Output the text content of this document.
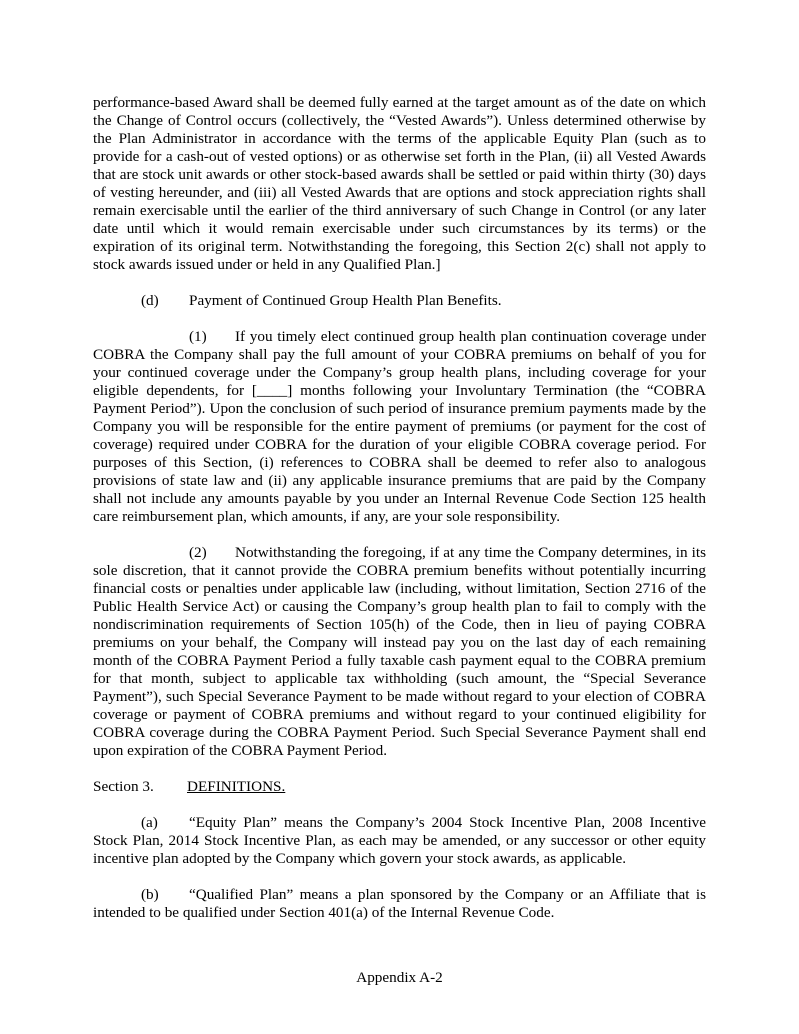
performance-based Award shall be deemed fully earned at the target amount as of the date on which the Change of Control occurs (collectively, the “Vested Awards”). Unless determined otherwise by the Plan Administrator in accordance with the terms of the applicable Equity Plan (such as to provide for a cash-out of vested options) or as otherwise set forth in the Plan, (ii) all Vested Awards that are stock unit awards or other stock-based awards shall be settled or paid within thirty (30) days of vesting hereunder, and (iii) all Vested Awards that are options and stock appreciation rights shall remain exercisable until the earlier of the third anniversary of such Change in Control (or any later date until which it would remain exercisable under such circumstances by its terms) or the expiration of its original term. Notwithstanding the foregoing, this Section 2(c) shall not apply to stock awards issued under or held in any Qualified Plan.]

(d) Payment of Continued Group Health Plan Benefits.

(1) If you timely elect continued group health plan continuation coverage under COBRA the Company shall pay the full amount of your COBRA premiums on behalf of you for your continued coverage under the Company’s group health plans, including coverage for your eligible dependents, for [____] months following your Involuntary Termination (the “COBRA Payment Period”). Upon the conclusion of such period of insurance premium payments made by the Company you will be responsible for the entire payment of premiums (or payment for the cost of coverage) required under COBRA for the duration of your eligible COBRA coverage period. For purposes of this Section, (i) references to COBRA shall be deemed to refer also to analogous provisions of state law and (ii) any applicable insurance premiums that are paid by the Company shall not include any amounts payable by you under an Internal Revenue Code Section 125 health care reimbursement plan, which amounts, if any, are your sole responsibility.

(2) Notwithstanding the foregoing, if at any time the Company determines, in its sole discretion, that it cannot provide the COBRA premium benefits without potentially incurring financial costs or penalties under applicable law (including, without limitation, Section 2716 of the Public Health Service Act) or causing the Company’s group health plan to fail to comply with the nondiscrimination requirements of Section 105(h) of the Code, then in lieu of paying COBRA premiums on your behalf, the Company will instead pay you on the last day of each remaining month of the COBRA Payment Period a fully taxable cash payment equal to the COBRA premium for that month, subject to applicable tax withholding (such amount, the “Special Severance Payment”), such Special Severance Payment to be made without regard to your election of COBRA coverage or payment of COBRA premiums and without regard to your continued eligibility for COBRA coverage during the COBRA Payment Period. Such Special Severance Payment shall end upon expiration of the COBRA Payment Period.

Section 3. DEFINITIONS.

(a) “Equity Plan” means the Company’s 2004 Stock Incentive Plan, 2008 Incentive Stock Plan, 2014 Stock Incentive Plan, as each may be amended, or any successor or other equity incentive plan adopted by the Company which govern your stock awards, as applicable.

(b) “Qualified Plan” means a plan sponsored by the Company or an Affiliate that is intended to be qualified under Section 401(a) of the Internal Revenue Code.

Appendix A-2
